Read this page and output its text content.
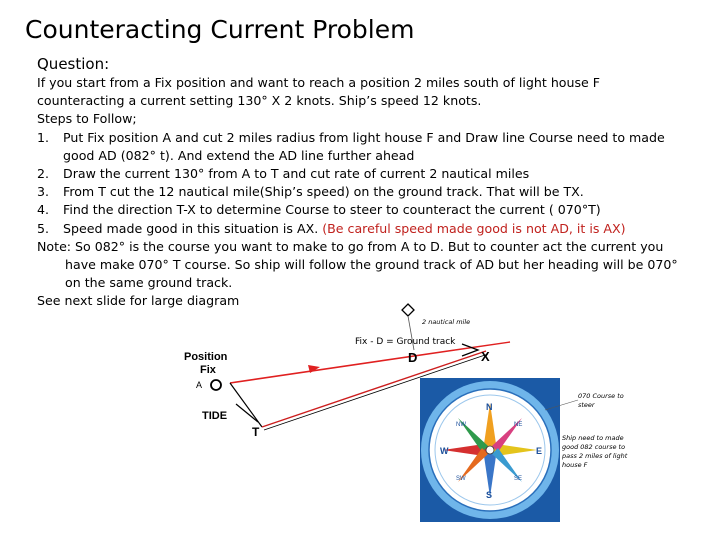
Counteracting Current Problem
Question:

If you start from a Fix position and want to reach a position 2 miles south of light house F counteracting a current setting 130° X 2 knots. Ship’s speed 12 knots.

Steps to Follow;

1.	Put Fix position A and cut 2 miles radius from light house F and Draw line Course need to made good AD (082° t). And extend the AD line further ahead
2.	Draw the current 130° from A to T and cut rate of current 2 nautical miles
3.	From T cut the 12 nautical mile(Ship’s speed) on the ground track. That will be TX.
4.	Find the direction T-X to determine Course to steer to counteract the current ( 070°T)
5.	Speed made good in this situation is AX. (Be careful speed made good is not AD, it is AX)

Note: So 082° is the course you want to make to go from A to D. But to counter act the current you have make 070° T course. So ship will follow the ground track of AD but her heading will be 070° on the same ground track.

See next slide for large diagram

2 nautical mile
Fix - D = Ground track
D	X
Position
Fix
A
TIDE
T
N
S
E
W
NW	NE
SW	SE
070 Course to steer
Ship need to made good 082 course to pass 2 miles of light house F
